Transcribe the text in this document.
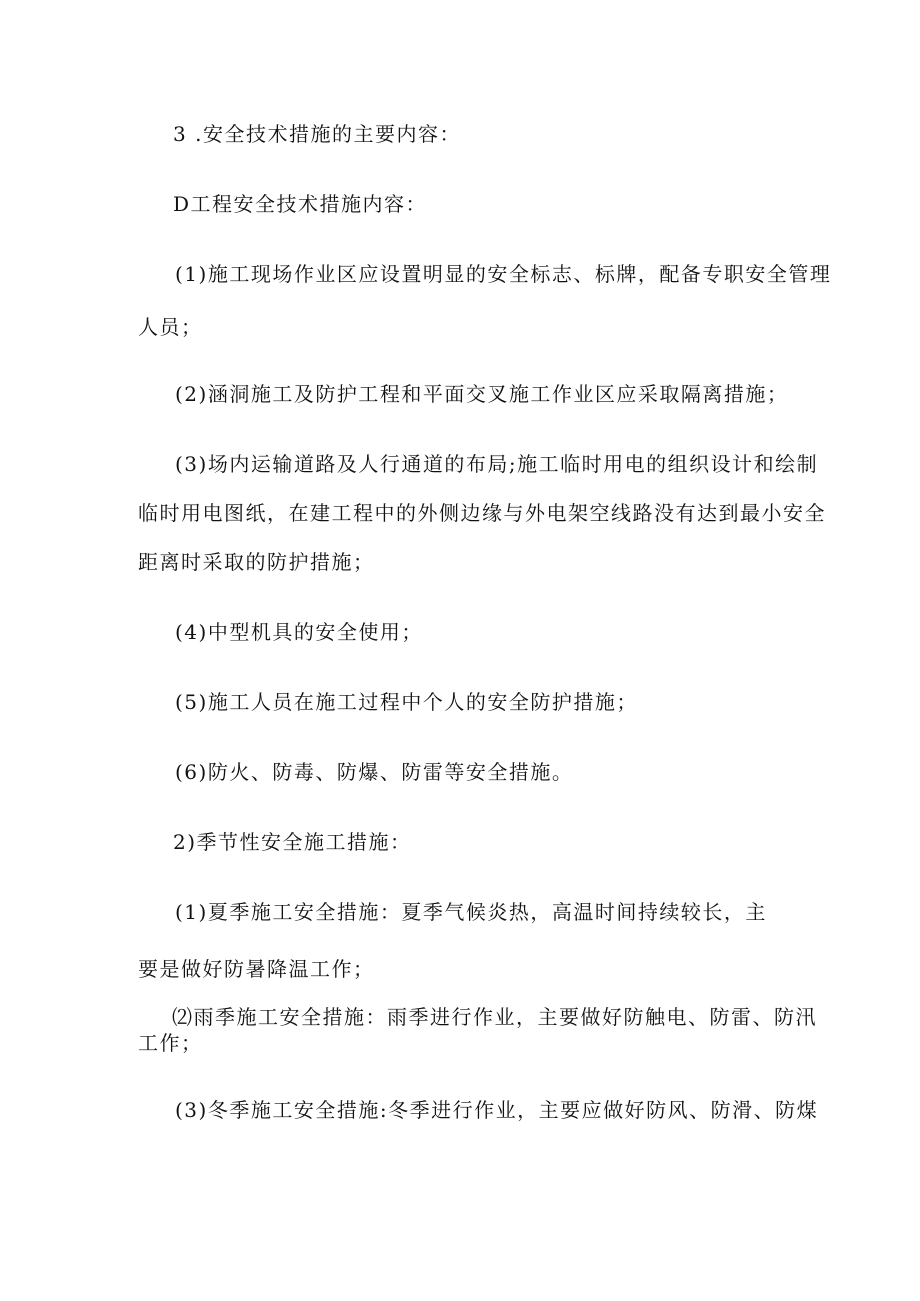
3 .安全技术措施的主要内容：
D工程安全技术措施内容：
(1)施工现场作业区应设置明显的安全标志、标牌，配备专职安全管理
人员；
(2)涵洞施工及防护工程和平面交叉施工作业区应采取隔离措施；
(3)场内运输道路及人行通道的布局;施工临时用电的组织设计和绘制
临时用电图纸，在建工程中的外侧边缘与外电架空线路没有达到最小安全
距离时采取的防护措施；
(4)中型机具的安全使用；
(5)施工人员在施工过程中个人的安全防护措施；
(6)防火、防毒、防爆、防雷等安全措施。
2)季节性安全施工措施：
(1)夏季施工安全措施：夏季气候炎热，高温时间持续较长，主
要是做好防暑降温工作；
⑵雨季施工安全措施：雨季进行作业，主要做好防触电、防雷、防汛
工作；
(3)冬季施工安全措施:冬季进行作业，主要应做好防风、防滑、防煤
